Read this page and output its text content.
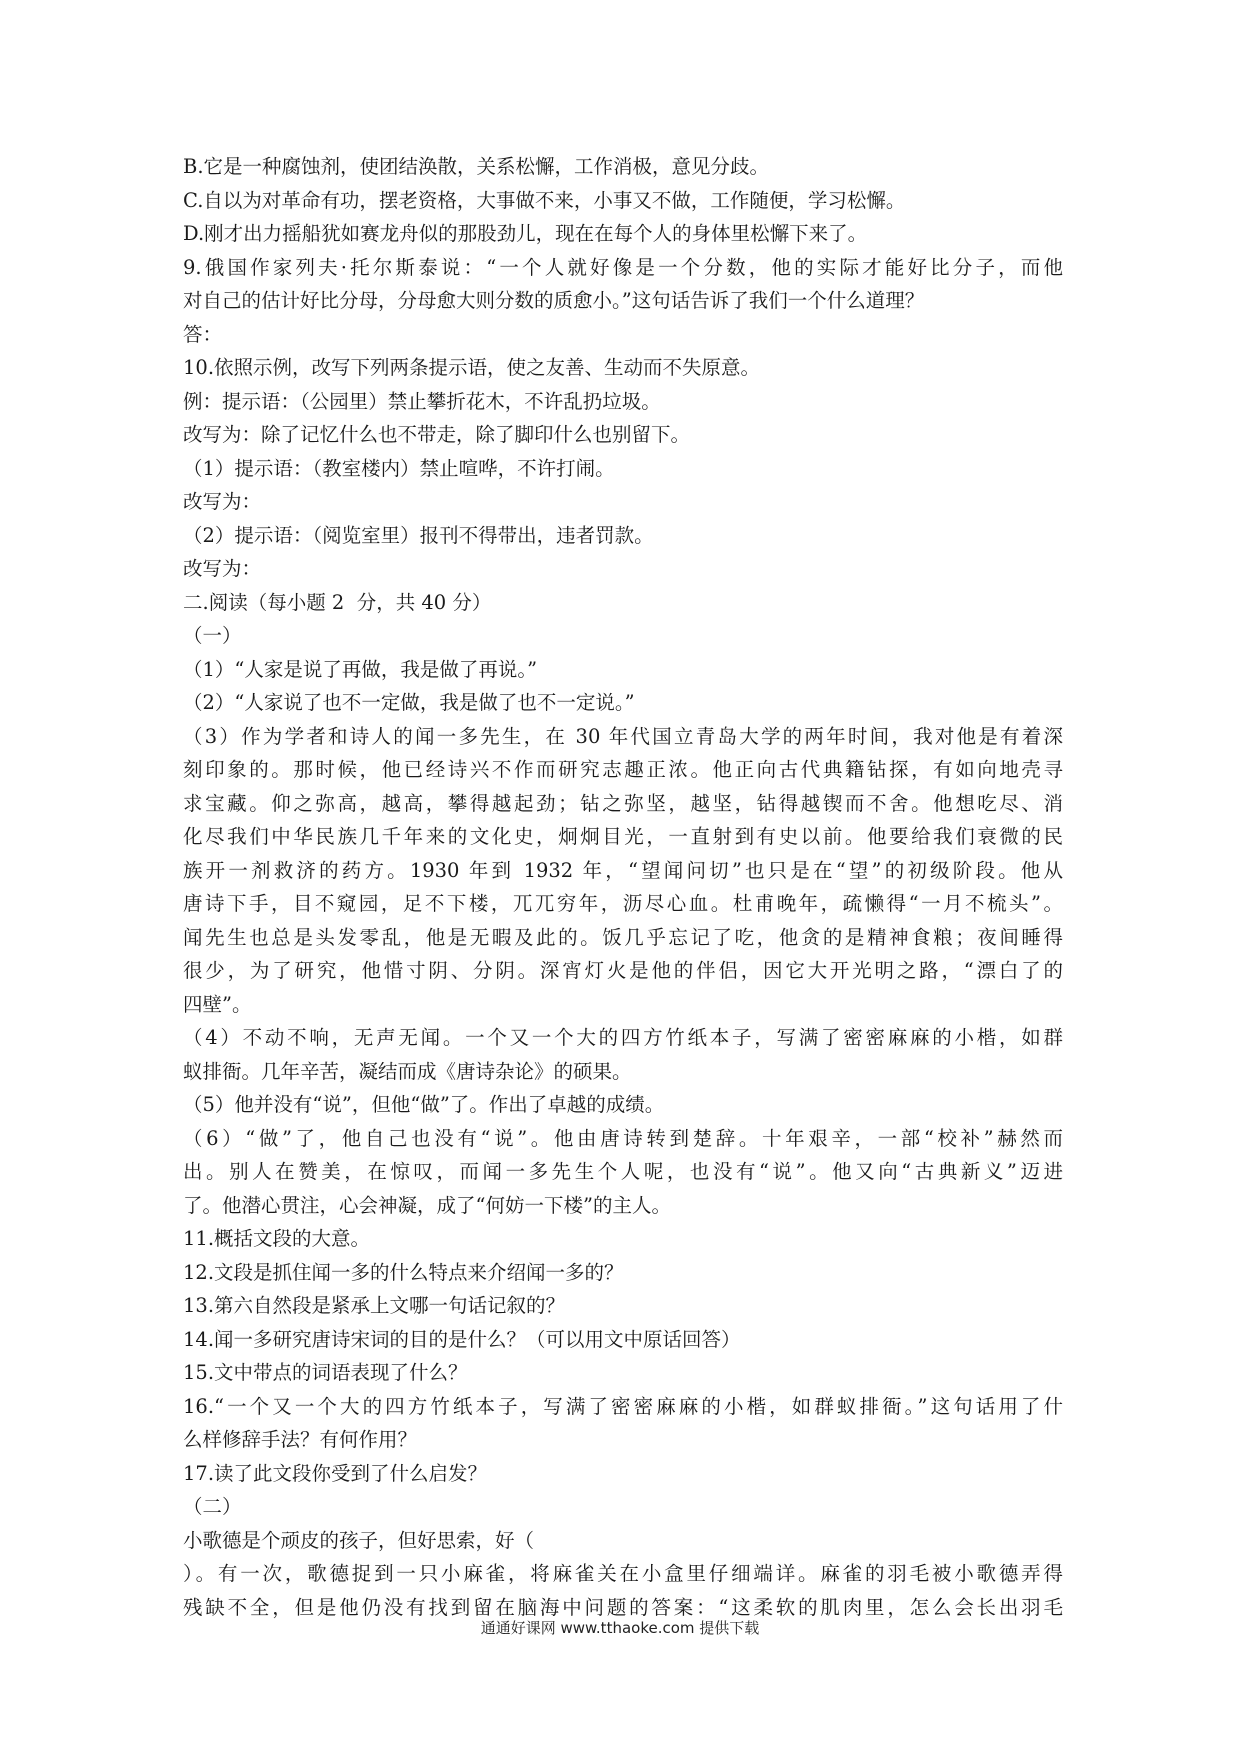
B.它是一种腐蚀剂，使团结涣散，关系松懈，工作消极，意见分歧。
C.自以为对革命有功，摆老资格，大事做不来，小事又不做，工作随便，学习松懈。
D.刚才出力摇船犹如赛龙舟似的那股劲儿，现在在每个人的身体里松懈下来了。
9.俄国作家列夫·托尔斯泰说：“一个人就好像是一个分数，他的实际才能好比分子，而他
对自己的估计好比分母，分母愈大则分数的质愈小。”这句话告诉了我们一个什么道理？
答：
10.依照示例，改写下列两条提示语，使之友善、生动而不失原意。
例：提示语：（公园里）禁止攀折花木，不许乱扔垃圾。
改写为：除了记忆什么也不带走，除了脚印什么也别留下。
（1）提示语：（教室楼内）禁止喧哗，不许打闹。
改写为：
（2）提示语：（阅览室里）报刊不得带出，违者罚款。
改写为：
二.阅读（每小题 2  分，共 40 分）
（一）
（1）“人家是说了再做，我是做了再说。”
（2）“人家说了也不一定做，我是做了也不一定说。”
（3）作为学者和诗人的闻一多先生，在 30 年代国立青岛大学的两年时间，我对他是有着深
刻印象的。那时候，他已经诗兴不作而研究志趣正浓。他正向古代典籍钻探，有如向地壳寻
求宝藏。仰之弥高，越高，攀得越起劲；钻之弥坚，越坚，钻得越锲而不舍。他想吃尽、消
化尽我们中华民族几千年来的文化史，炯炯目光，一直射到有史以前。他要给我们衰微的民
族开一剂救济的药方。1930 年到 1932 年，“望闻问切”也只是在“望”的初级阶段。他从
唐诗下手，目不窥园，足不下楼，兀兀穷年，沥尽心血。杜甫晚年，疏懒得“一月不梳头”。
闻先生也总是头发零乱，他是无暇及此的。饭几乎忘记了吃，他贪的是精神食粮；夜间睡得
很少，为了研究，他惜寸阴、分阴。深宵灯火是他的伴侣，因它大开光明之路，“漂白了的
四壁”。
（4）不动不响，无声无闻。一个又一个大的四方竹纸本子，写满了密密麻麻的小楷，如群
蚁排衙。几年辛苦，凝结而成《唐诗杂论》的硕果。
（5）他并没有“说”，但他“做”了。作出了卓越的成绩。
（6）“做”了，他自己也没有“说”。他由唐诗转到楚辞。十年艰辛，一部“校补”赫然而
出。别人在赞美，在惊叹，而闻一多先生个人呢，也没有“说”。他又向“古典新义”迈进
了。他潜心贯注，心会神凝，成了“何妨一下楼”的主人。
11.概括文段的大意。
12.文段是抓住闻一多的什么特点来介绍闻一多的？
13.第六自然段是紧承上文哪一句话记叙的？
14.闻一多研究唐诗宋词的目的是什么？（可以用文中原话回答）
15.文中带点的词语表现了什么？
16.“一个又一个大的四方竹纸本子，写满了密密麻麻的小楷，如群蚁排衙。”这句话用了什
么样修辞手法？有何作用？
17.读了此文段你受到了什么启发？
（二）
小歌德是个顽皮的孩子，但好思索，好（
）。有一次，歌德捉到一只小麻雀，将麻雀关在小盒里仔细端详。麻雀的羽毛被小歌德弄得
残缺不全，但是他仍没有找到留在脑海中问题的答案：“这柔软的肌肉里，怎么会长出羽毛
通通好课网 www.tthaoke.com 提供下载
